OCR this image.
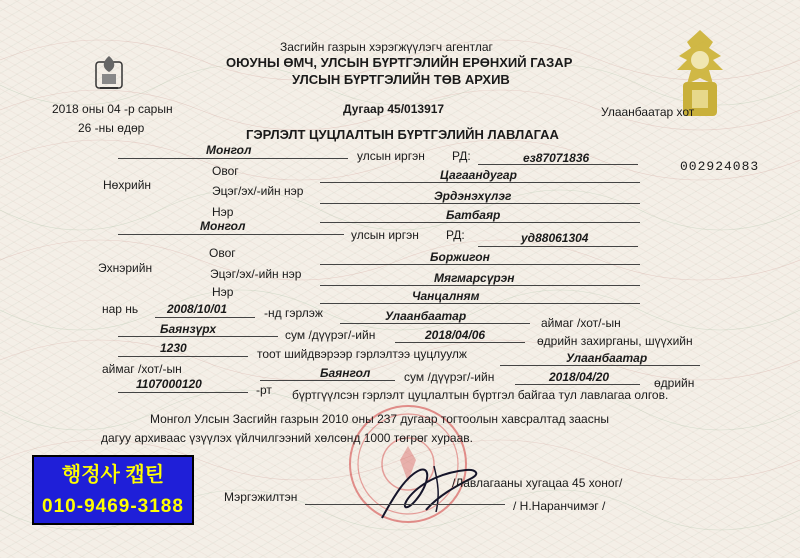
Засгийн газрын хэрэгжүүлэгч агентлаг
ОЮУНЫ ӨМЧ, УЛСЫН БҮРТГЭЛИЙН ЕРӨНХИЙ ГАЗАР
УЛСЫН БҮРТГЭЛИЙН ТӨВ АРХИВ
2018 оны 04 -р сарын
26 -ны өдөр
Дугаар 45/013917	Улаанбаатар хот
ГЭРЛЭЛТ ЦУЦЛАЛТЫН БҮРТГЭЛИЙН ЛАВЛАГАА
002924083
Монгол	улсын иргэн РД:	ез87071836
Овог	Цагаандугар
Нөхрийн	Эцэг/эх/-ийн нэр	Эрдэнэхүлэг
Нэр	Батбаяр
Монгол
улсын иргэн РД:	уд88061304
Овог	Боржигон
Эхнэрийн	Эцэг/эх/-ийн нэр	Мягмарсүрэн
Нэр	Чанцалням
нар нь 2008/10/01	-нд гэрлэж	Улаанбаатар	аймаг /хот/-ын
Баянзүрх	сум /дүүрэг/-ийн	2018/04/06	өдрийн захирганы, шүүхийн
1230	тоот шийдвэрээр гэрлэлтээ цуцлуулж	Улаанбаатар
аймаг /хот/-ын	Баянгол	сум /дүүрэг/-ийн	2018/04/20	өдрийн
1107000120	-рт бүртгүүлсэн гэрлэлт цуцлалтын бүртгэл байгаа тул лавлагаа олгов.
Монгол Улсын Засгийн газрын 2010 оны 237 дугаар тогтоолын хавсралтад заасны
дагуу архиваас үзүүлэх үйлчилгээний хөлсөнд 1000 төгрөг хураав.
/Лавлагааны хугацаа 45 хоног/
Мэргэжилтэн
/ Н.Наранчимэг /
행정사 캡틴
010-9469-3188
